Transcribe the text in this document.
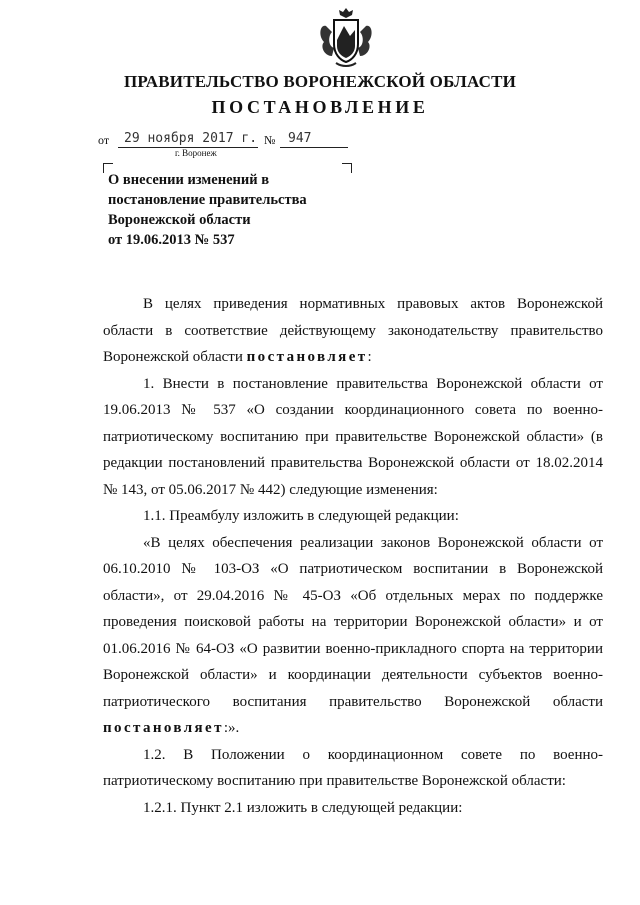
ПРАВИТЕЛЬСТВО ВОРОНЕЖСКОЙ ОБЛАСТИ
ПОСТАНОВЛЕНИЕ
от 29 ноября 2017 г. № 947
г. Воронеж
О внесении изменений в
постановление правительства
Воронежской области
от 19.06.2013 № 537

В целях приведения нормативных правовых актов Воронежской области в соответствие действующему законодательству правительство Воронежской области постановляет:

1. Внести в постановление правительства Воронежской области от 19.06.2013 № 537 «О создании координационного совета по военно-патриотическому воспитанию при правительстве Воронежской области» (в редакции постановлений правительства Воронежской области от 18.02.2014 № 143, от 05.06.2017 № 442) следующие изменения:

1.1. Преамбулу изложить в следующей редакции:

«В целях обеспечения реализации законов Воронежской области от 06.10.2010 № 103-ОЗ «О патриотическом воспитании в Воронежской области», от 29.04.2016 № 45-ОЗ «Об отдельных мерах по поддержке проведения поисковой работы на территории Воронежской области» и от 01.06.2016 № 64-ОЗ «О развитии военно-прикладного спорта на территории Воронежской области» и координации деятельности субъектов военно-патриотического воспитания правительство Воронежской области

постановляет:».

1.2. В Положении о координационном совете по военно-патриотическому воспитанию при правительстве Воронежской области:

1.2.1. Пункт 2.1 изложить в следующей редакции:
